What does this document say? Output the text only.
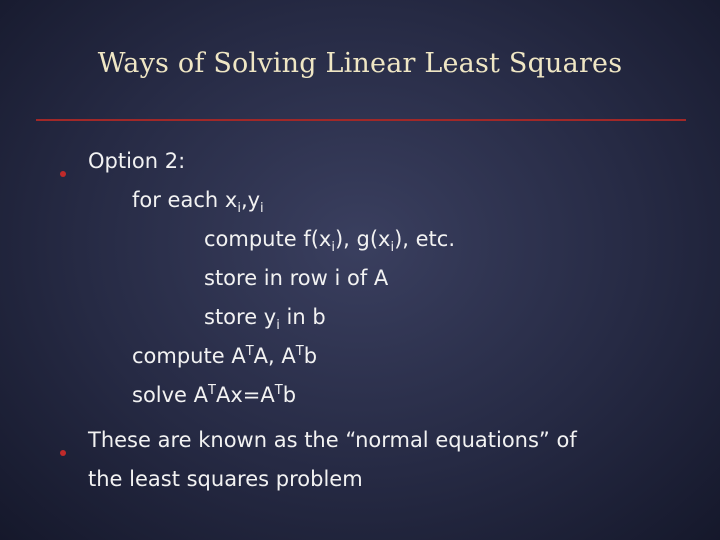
Ways of Solving Linear Least Squares
Option 2:
for each $x_i,y_i$
compute $f(x_i)$, $g(x_i)$, etc.
store in row i of A
store $y_i$ in b
compute $A^TA$, $A^Tb$
solve $A^TAx=A^Tb$
These are known as the “normal equations” of
the least squares problem
